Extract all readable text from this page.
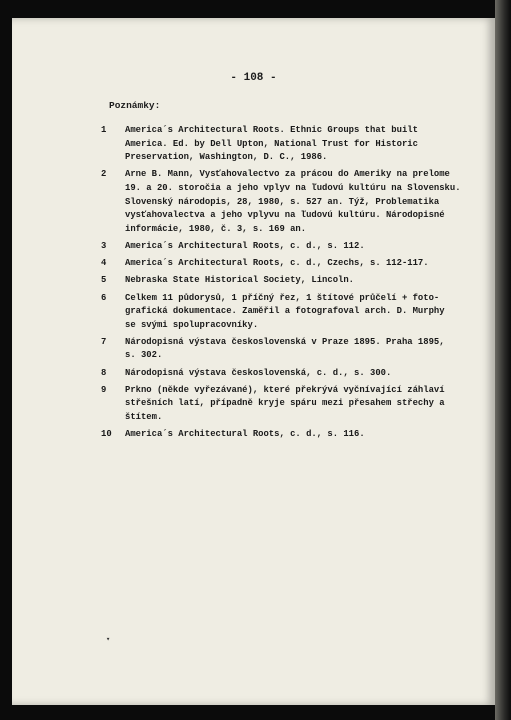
- 108 -
Poznámky:
1	America´s Architectural Roots. Ethnic Groups that built
America. Ed. by Dell Upton, National Trust for Historic
Preservation, Washington, D. C., 1986.
2	Arne B. Mann, Vysťahovalectvo za prácou do Ameriky na prelome
19. a 20. storočia a jeho vplyv na ľudovú kultúru na Slovensku.
Slovenský národopis, 28, 1980, s. 527 an. Týž, Problematika
vysťahovalectva a jeho vplyvu na ľudovú kultúru. Národopisné
informácie, 1980, č. 3, s. 169 an.
3	America´s Architectural Roots, c. d., s. 112.
4	America´s Architectural Roots, c. d., Czechs, s. 112-117.
5	Nebraska State Historical Society, Lincoln.
6	Celkem 11 půdorysů, 1 příčný řez, 1 štítové průčelí + foto-
grafická dokumentace. Zaměřil a fotografoval arch. D. Murphy
se svými spolupracovníky.
7	Národopisná výstava československá v Praze 1895. Praha 1895,
s. 302.
8	Národopisná výstava československá, c. d., s. 300.
9	Prkno (někde vyřezávané), které překrývá vyčnívající záhlaví
střešních latí, případně kryje spáru mezi přesahem střechy a
štítem.
10	America´s Architectural Roots, c. d., s. 116.
▾
